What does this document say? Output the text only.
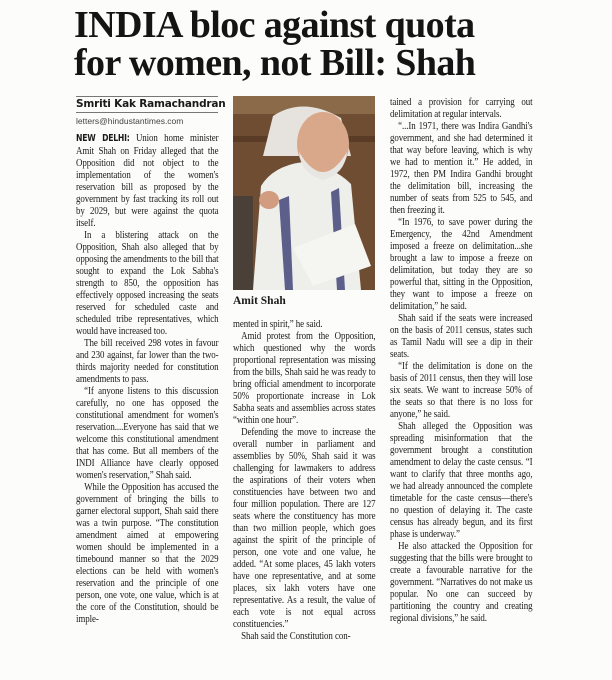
INDIA bloc against quota
for women, not Bill: Shah
Smriti Kak Ramachandran
letters@hindustantimes.com

NEW DELHI: Union home minister Amit Shah on Friday alleged that the Opposition did not object to the implementation of the women's reservation bill as proposed by the government by fast tracking its roll out by 2029, but were against the quota itself.

In a blistering attack on the Opposition, Shah also alleged that by opposing the amendments to the bill that sought to expand the Lok Sabha's strength to 850, the opposition has effectively opposed increasing the seats reserved for scheduled caste and scheduled tribe representatives, which would have increased too.

The bill received 298 votes in favour and 230 against, far lower than the two-thirds majority needed for constitution amendments to pass.

“If anyone listens to this discussion carefully, no one has opposed the constitutional amendment for women's reservation....Everyone has said that we welcome this constitutional amendment that has come. But all members of the INDI Alliance have clearly opposed women's reservation,” Shah said.

While the Opposition has accused the government of bringing the bills to garner electoral support, Shah said there was a twin purpose. “The constitution amendment aimed at empowering women should be implemented in a timebound manner so that the 2029 elections can be held with women's reservation and the principle of one person, one vote, one value, which is at the core of the Constitution, should be imple-

Amit Shah

mented in spirit,” he said.

Amid protest from the Opposition, which questioned why the words proportional representation was missing from the bills, Shah said he was ready to bring official amendment to incorporate 50% proportionate increase in Lok Sabha seats and assemblies across states “within one hour”.

Defending the move to increase the overall number in parliament and assemblies by 50%, Shah said it was challenging for lawmakers to address the aspirations of their voters when constituencies have between two and four million population. There are 127 seats where the constituency has more than two million people, which goes against the spirit of the principle of person, one vote and one value, he added. “At some places, 45 lakh voters have one representative, and at some places, six lakh voters have one representative. As a result, the value of each vote is not equal across constituencies.”

Shah said the Constitution con-

tained a provision for carrying out delimitation at regular intervals.

“...In 1971, there was Indira Gandhi's government, and she had determined it that way before leaving, which is why we had to mention it.” He added, in 1972, then PM Indira Gandhi brought the delimitation bill, increasing the number of seats from 525 to 545, and then freezing it.

“In 1976, to save power during the Emergency, the 42nd Amendment imposed a freeze on delimitation...she brought a law to impose a freeze on delimitation, but today they are so powerful that, sitting in the Opposition, they want to impose a freeze on delimitation,” he said.

Shah said if the seats were increased on the basis of 2011 census, states such as Tamil Nadu will see a dip in their seats.

“If the delimitation is done on the basis of 2011 census, then they will lose six seats. We want to increase 50% of the seats so that there is no loss for anyone,” he said.

Shah alleged the Opposition was spreading misinformation that the government brought a constitution amendment to delay the caste census. “I want to clarify that three months ago, we had already announced the complete timetable for the caste census—there's no question of delaying it. The caste census has already begun, and its first phase is underway.”

He also attacked the Opposition for suggesting that the bills were brought to create a favourable narrative for the government. “Narratives do not make us popular. No one can succeed by partitioning the country and creating regional divisions,” he said.
